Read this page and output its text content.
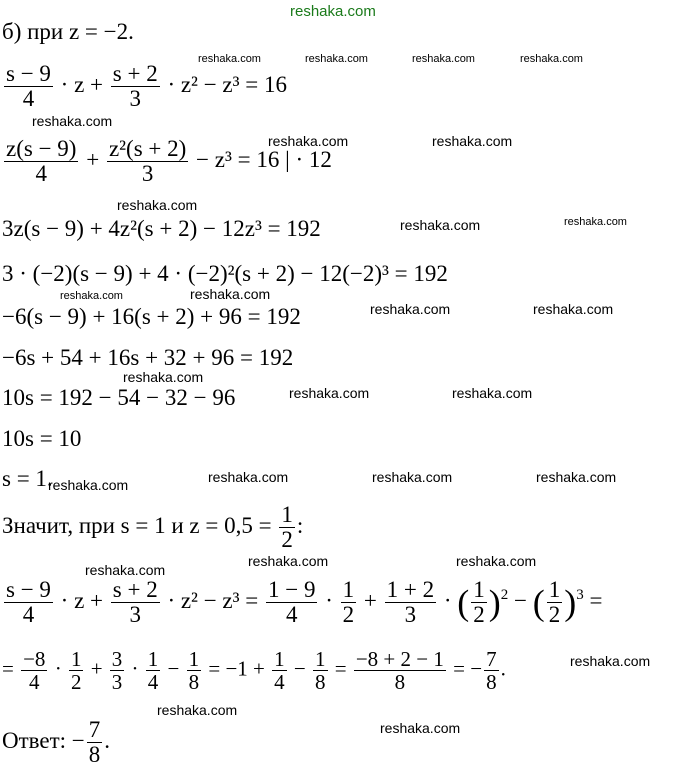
reshaka.com
reshaka.com	reshaka.com	reshaka.com	reshaka.com
reshaka.com
reshaka.com	reshaka.com
reshaka.com
reshaka.com	reshaka.com
reshaka.com	reshaka.com
reshaka.com	reshaka.com
reshaka.com
reshaka.com	reshaka.com
reshaka.com	reshaka.com	reshaka.com	reshaka.com
reshaka.com	reshaka.com
reshaka.com
reshaka.com
reshaka.com
reshaka.com
б) при z = −2.
$\frac{s - 9}{4} \cdot z + \frac{s + 2}{3} \cdot z^2 - z^3 = 16$
$\frac{z(s - 9)}{4} + \frac{\text{z²(s + 2)}}{3} - z^3 = 16$ | · 12
3z(s − 9) + 4z²(s + 2) − 12z³ = 192
3 · (−2)(s − 9) + 4 · (−2)²(s + 2) − 12(−2)³ = 192
−6(s − 9) + 16(s + 2) + 96 = 192
−6s + 54 + 16s + 32 + 96 = 192
10s = 192 − 54 − 32 − 96
10s = 10
s = 1.
Значит, при s = 1 и $z = 0,5 = \frac{1}{2}$ :
$\frac{s - 9}{4} \cdot z + \frac{s + 2}{3} \cdot z^2 - z^3 = \frac{1 - 9}{4} \cdot \frac{1}{2} + \frac{1 + 2}{3}$ · ( $\frac{1}{2} )^2$ − ( $\frac{1}{2} )^3$ =
= $\frac{-8}{4} \cdot \frac{1}{2} + \frac{3}{3} \cdot \frac{1}{4} - \frac{1}{8} = -1 + \frac{1}{4} - \frac{1}{8} = \frac{-8 + 2 - 1}{8}$ = − $\frac{7}{8}$ .
Ответ: − $\frac{7}{8}$ .
